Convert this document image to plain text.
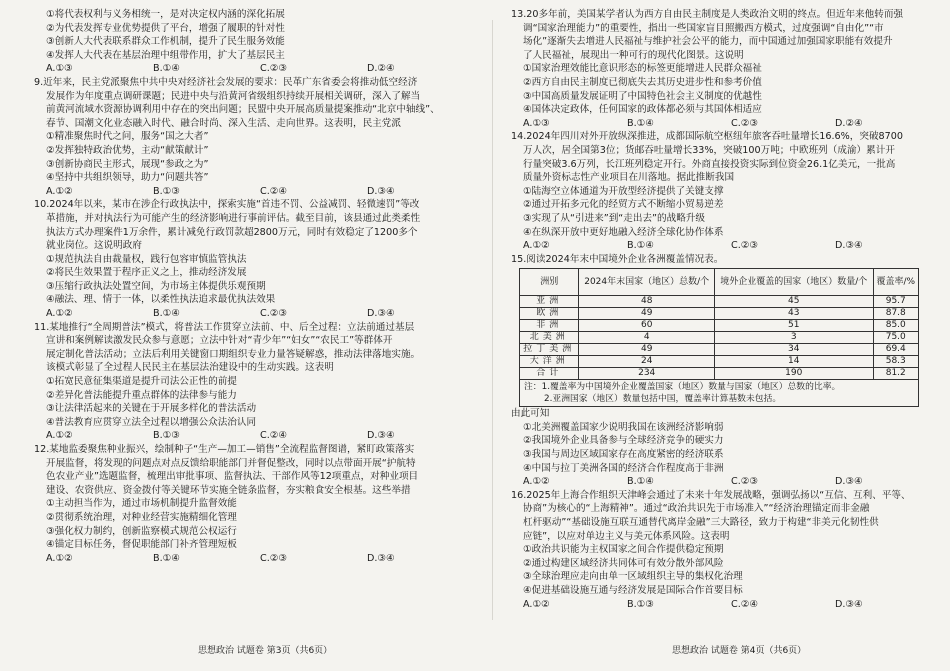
①将代表权利与义务相统一，是对决定权内涵的深化拓展
②为代表发挥专业优势提供了平台，增强了履职的针对性
③创新人大代表联系群众工作机制，提升了民生服务效能
④发挥人大代表在基层治理中组带作用，扩大了基层民主
A.①③	B.①④	C.②③	D.②④
9.近年来，民主党派聚焦中共中央对经济社会发展的要求：民革广东省委会将推动低空经济
发展作为年度重点调研课题；民进中央与沿黄河省级组织持续开展相关调研，深入了解当
前黄河流域水资源协调利用中存在的突出问题；民盟中央开展高质量提案推动“北京中轴线”、
春节、国潮文化业态融入时代、融合时尚、深入生活、走向世界。这表明，民主党派
①精准聚焦时代之问，服务“国之大者”
②发挥独特政治优势，主动“献策献计”
③创新协商民主形式，展现“参政之为”
④坚持中共组织领导，助力“问题共答”
A.①②	B.①③	C.②④	D.③④
10.2024年以来，某市在涉企行政执法中，探索实施“首违不罚、公益减罚、轻微速罚”等改
革措施，并对执法行为可能产生的经济影响进行事前评估。截至目前，该县通过此类柔性
执法方式办理案件1万余件，累计减免行政罚款超2800万元，同时有效稳定了1200多个
就业岗位。这说明政府
①规范执法自由裁量权，践行包容审慎监管执法
②将民生效果置于程序正义之上，推动经济发展
③压缩行政执法处置空间，为市场主体提供乐观预期
④融法、理、情于一体，以柔性执法追求最优执法效果
A.①②	B.①④	C.②③	D.③④
11.某地推行“全周期普法”模式，将普法工作贯穿立法前、中、后全过程：立法前通过基层
宣讲和案例解读激发民众参与意愿；立法中针对“青少年”“妇女”“农民工”等群体开
展定制化普法活动；立法后利用关键窗口期组织专业力量答疑解惑，推动法律落地实施。
该模式彰显了全过程人民民主在基层法治建设中的生动实践。这表明
①拓宽民意征集渠道是提升司法公正性的前提
②差异化普法能提升重点群体的法律参与能力
③让法律活起来的关键在于开展多样化的普法活动
④普法教育应贯穿立法全过程以增强公众法治认同
A.①②	B.①③	C.②④	D.③④
12.某地监委聚焦种业振兴，绘制种子“生产—加工—销售”全流程监督图谱，紧盯政策落实
开展监督，将发现的问题点对点反馈给职能部门并督促整改，同时以点带面开展“护航特
色农业产业”选题监督，梳理出审批事项、监督执法、干部作风等12项重点，对种业项目
建设、农资供应、资金拨付等关键环节实施全链条监督，夯实粮食安全根基。这些举措
①主动担当作为，通过市场机制提升监督效能
②贯彻系统治理，对种业经营实施精细化管理
③强化权力制约，创新监察模式规范公权运行
④锚定目标任务，督促职能部门补齐管理短板
A.①②	B.①④	C.②③	D.③④
思想政治 试题卷 第3页（共6页）
13.20多年前，美国某学者认为西方自由民主制度是人类政治文明的终点。但近年来他转而强
调“国家治理能力”的重要性，指出一些国家盲目照搬西方模式，过度强调“自由化”“市
场化”逐渐失去增进人民福祉与维护社会公平的能力，而中国通过加强国家职能有效提升
了人民福祉，展现出一种可行的现代化图景。这说明
①国家治理效能比意识形态的标签更能增进人民群众福祉
②西方自由民主制度已彻底失去其历史进步性和参考价值
③中国高质量发展证明了中国特色社会主义制度的优越性
④国体决定政体，任何国家的政体都必须与其国体相适应
A.①③	B.①④	C.②③	D.②④
14.2024年四川对外开放纵深推进，成都国际航空枢纽年旅客吞吐量增长16.6%，突破8700
万人次，居全国第3位；货邮吞吐量增长33%，突破100万吨；中欧班列（成渝）累计开
行量突破3.6万列，长江班列稳定开行。外商直接投资实际到位资金26.1亿美元，一批高
质量外资标志性产业项目在川落地。据此推断我国
①陆海空立体通道为开放型经济提供了关键支撑
②通过开拓多元化的经贸方式不断缩小贸易逆差
③实现了从“引进来”到“走出去”的战略升级
④在纵深开放中更好地融入经济全球化协作体系
A.①②	B.①④	C.②③	D.③④
15.阅读2024年末中国境外企业各洲覆盖情况表。
洲别	2024年末国家（地区）总数/个	境外企业覆盖的国家（地区）数量/个	覆盖率/%
亚洲	48	45	95.7
欧洲	49	43	87.8
非洲	60	51	85.0
北美洲	4	3	75.0
拉丁美洲	49	34	69.4
大洋洲	24	14	58.3
合计	234	190	81.2
注：1.覆盖率为中国境外企业覆盖国家（地区）数量与国家（地区）总数的比率。
2.亚洲国家（地区）数量包括中国，覆盖率计算基数未包括。
由此可知
①北美洲覆盖国家少说明我国在该洲经济影响弱
②我国境外企业具备参与全球经济竞争的硬实力
③我国与周边区域国家存在高度紧密的经济联系
④中国与拉丁美洲各国的经济合作程度高于非洲
A.①②	B.①④	C.②③	D.③④
16.2025年上海合作组织天津峰会通过了未来十年发展战略，强调弘扬以“互信、互利、平等、
协商”为核心的“上海精神”。通过“政治共识先于市场准入”“经济治理锚定而非金融
杠杆驱动”“基础设施互联互通替代离岸金融”三大路径，致力于构建“非美元化韧性供
应链”，以应对单边主义与美元体系风险。这表明
①政治共识能为主权国家之间合作提供稳定预期
②通过构建区域经济共同体可有效分散外部风险
③全球治理应走向由单一区域组织主导的集权化治理
④促进基础设施互通与经济发展是国际合作首要目标
A.①②	B.①③	C.②④	D.③④
思想政治 试题卷 第4页（共6页）
